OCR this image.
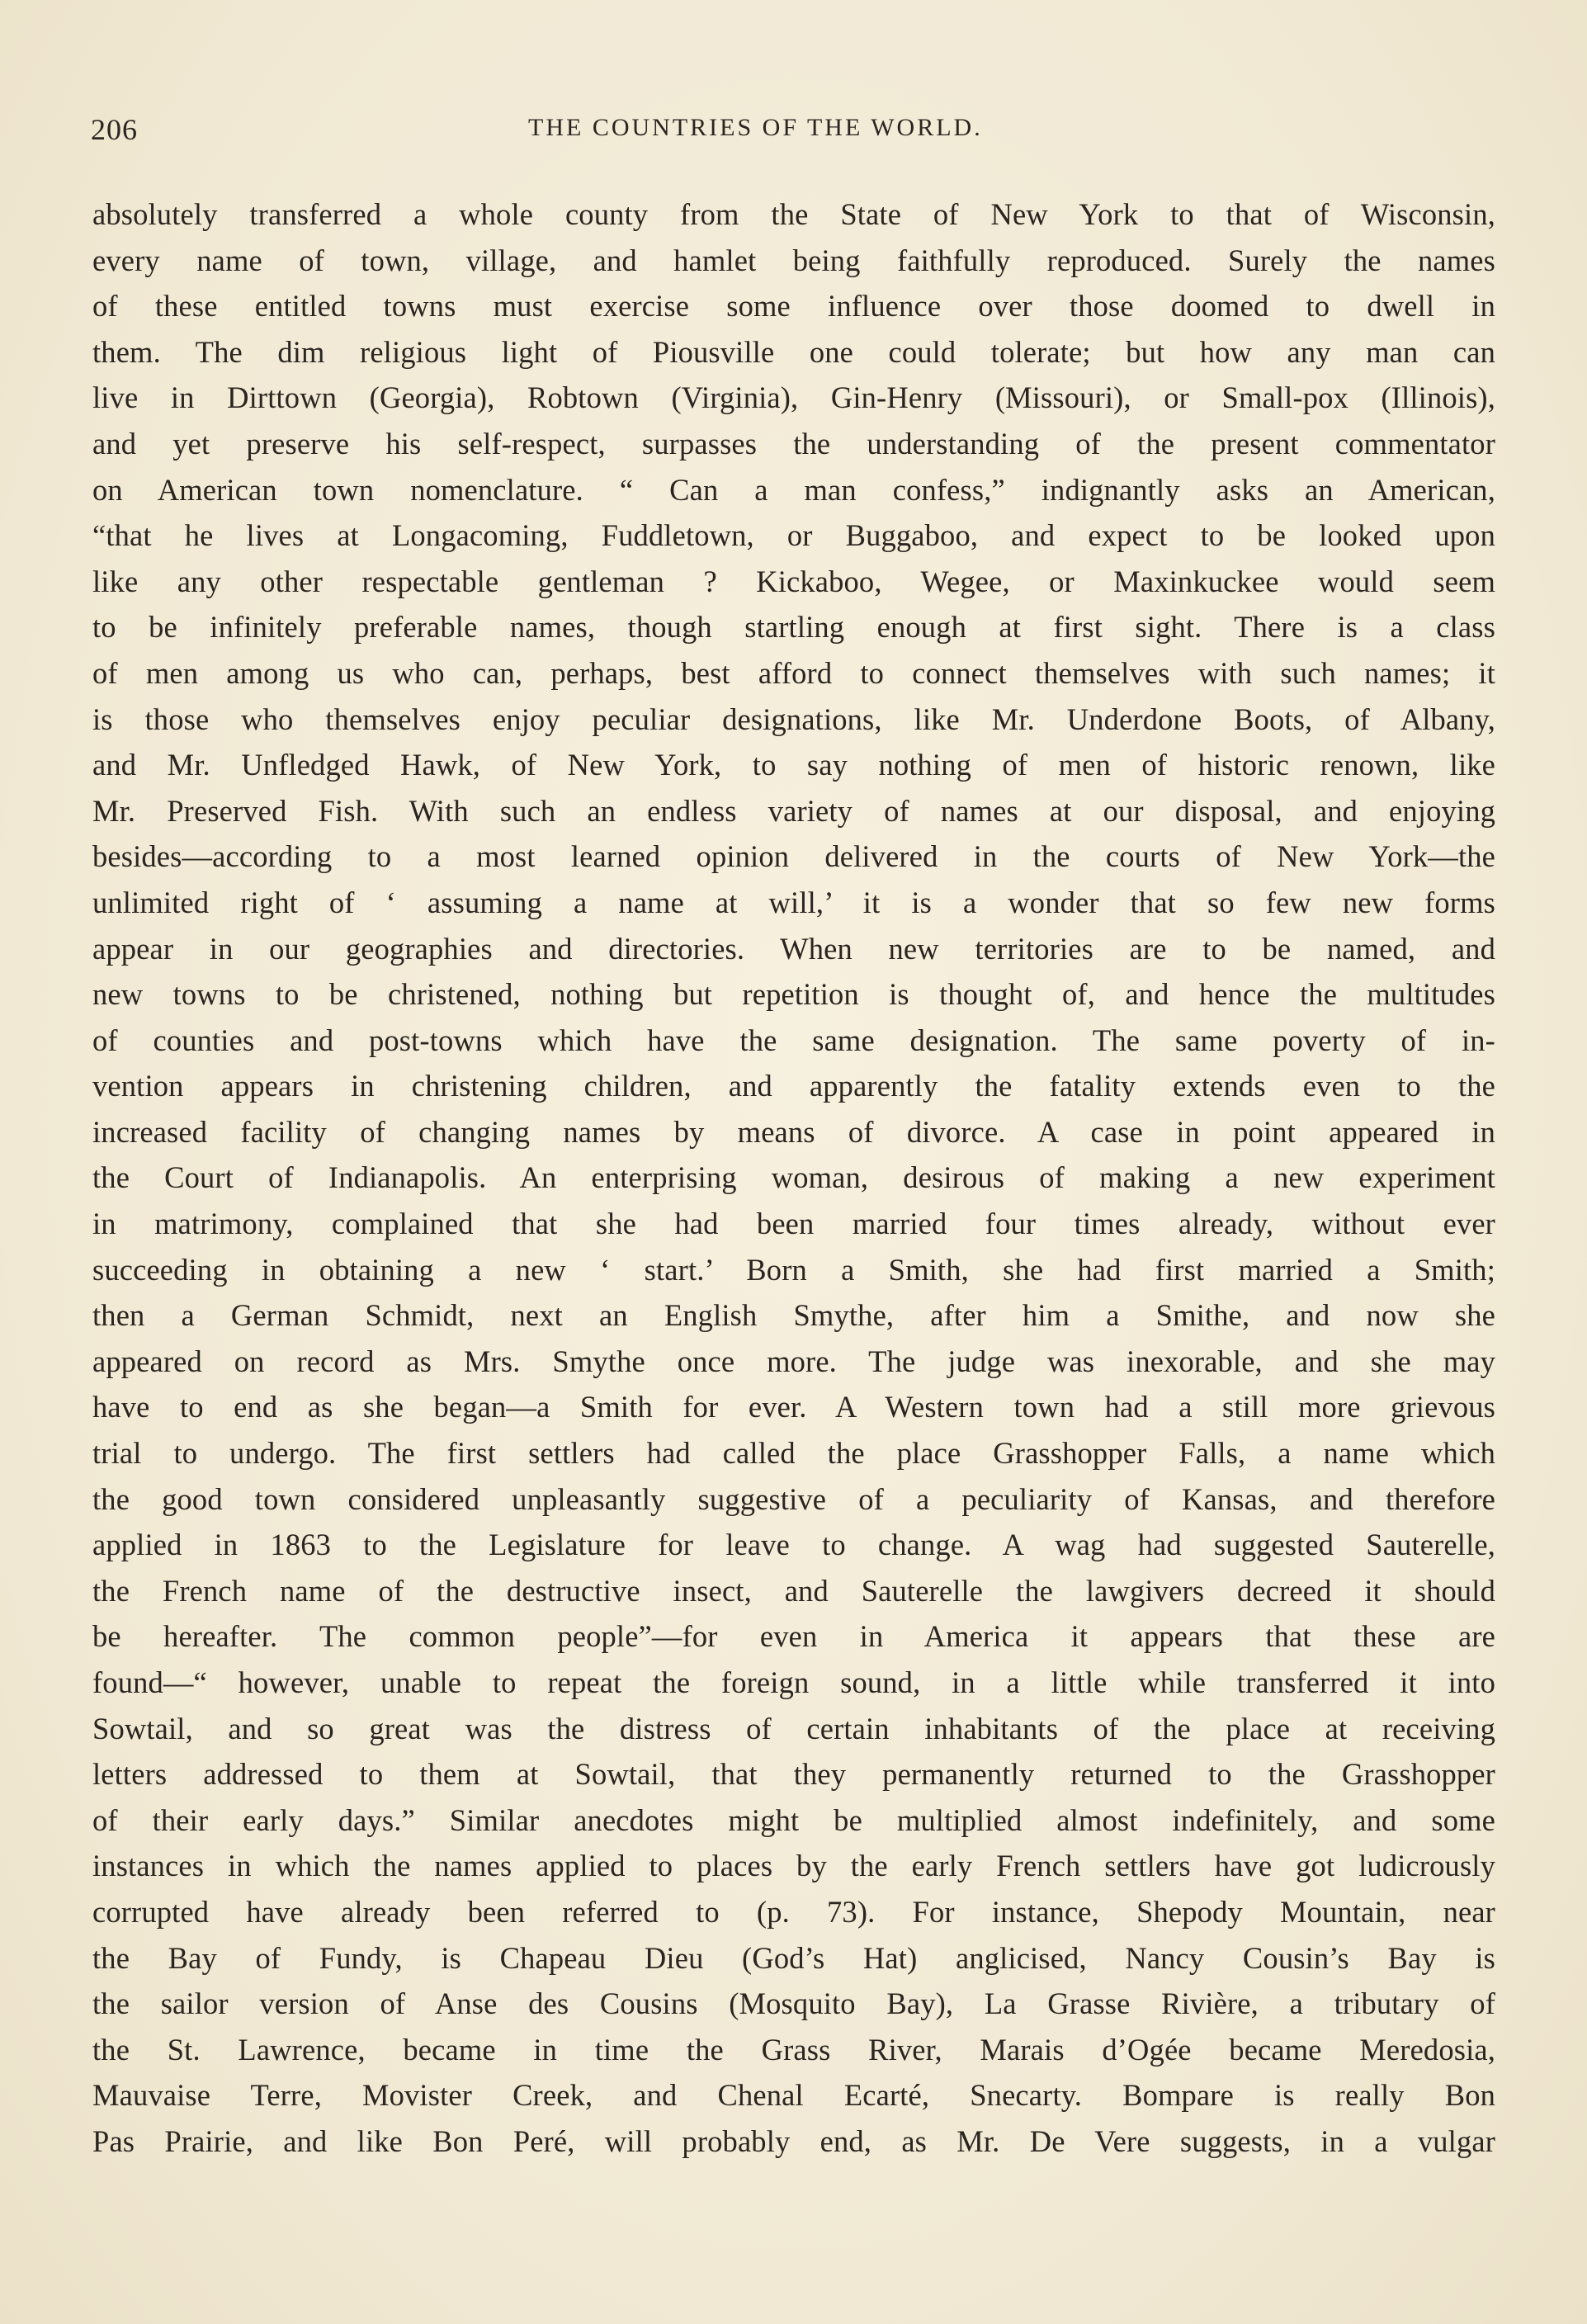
206	THE COUNTRIES OF THE WORLD.
absolutely transferred a whole county from the State of New York to that of Wisconsin,
every name of town, village, and hamlet being faithfully reproduced. Surely the names
of these entitled towns must exercise some influence over those doomed to dwell in
them. The dim religious light of Piousville one could tolerate; but how any man can
live in Dirttown (Georgia), Robtown (Virginia), Gin-Henry (Missouri), or Small-pox (Illinois),
and yet preserve his self-respect, surpasses the understanding of the present commentator
on American town nomenclature. “ Can a man confess,” indignantly asks an American,
“that he lives at Longacoming, Fuddletown, or Buggaboo, and expect to be looked upon
like any other respectable gentleman ? Kickaboo, Wegee, or Maxinkuckee would seem
to be infinitely preferable names, though startling enough at first sight. There is a class
of men among us who can, perhaps, best afford to connect themselves with such names; it
is those who themselves enjoy peculiar designations, like Mr. Underdone Boots, of Albany,
and Mr. Unfledged Hawk, of New York, to say nothing of men of historic renown, like
Mr. Preserved Fish. With such an endless variety of names at our disposal, and enjoying
besides—according to a most learned opinion delivered in the courts of New York—the
unlimited right of ‘ assuming a name at will,’ it is a wonder that so few new forms
appear in our geographies and directories. When new territories are to be named, and
new towns to be christened, nothing but repetition is thought of, and hence the multitudes
of counties and post-towns which have the same designation. The same poverty of in-
vention appears in christening children, and apparently the fatality extends even to the
increased facility of changing names by means of divorce. A case in point appeared in
the Court of Indianapolis. An enterprising woman, desirous of making a new experiment
in matrimony, complained that she had been married four times already, without ever
succeeding in obtaining a new ‘ start.’ Born a Smith, she had first married a Smith;
then a German Schmidt, next an English Smythe, after him a Smithe, and now she
appeared on record as Mrs. Smythe once more. The judge was inexorable, and she may
have to end as she began—a Smith for ever. A Western town had a still more grievous
trial to undergo. The first settlers had called the place Grasshopper Falls, a name which
the good town considered unpleasantly suggestive of a peculiarity of Kansas, and therefore
applied in 1863 to the Legislature for leave to change. A wag had suggested Sauterelle,
the French name of the destructive insect, and Sauterelle the lawgivers decreed it should
be hereafter. The common people”—for even in America it appears that these are
found—“ however, unable to repeat the foreign sound, in a little while transferred it into
Sowtail, and so great was the distress of certain inhabitants of the place at receiving
letters addressed to them at Sowtail, that they permanently returned to the Grasshopper
of their early days.” Similar anecdotes might be multiplied almost indefinitely, and some
instances in which the names applied to places by the early French settlers have got ludicrously
corrupted have already been referred to (p. 73). For instance, Shepody Mountain, near
the Bay of Fundy, is Chapeau Dieu (God’s Hat) anglicised, Nancy Cousin’s Bay is
the sailor version of Anse des Cousins (Mosquito Bay), La Grasse Rivière, a tributary of
the St. Lawrence, became in time the Grass River, Marais d’Ogée became Meredosia,
Mauvaise Terre, Movister Creek, and Chenal Ecarté, Snecarty. Bompare is really Bon
Pas Prairie, and like Bon Peré, will probably end, as Mr. De Vere suggests, in a vulgar
